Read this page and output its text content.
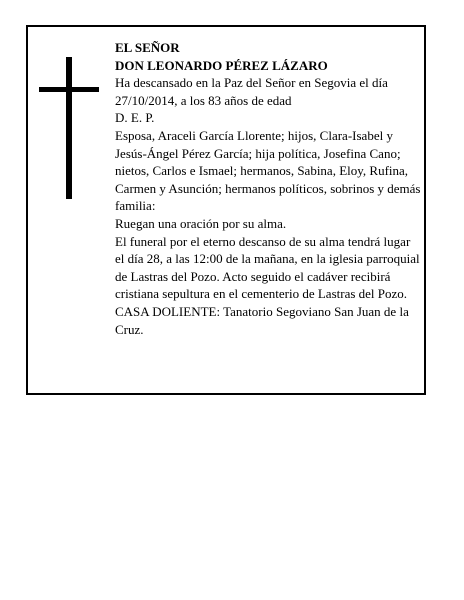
EL SEÑOR

DON LEONARDO PÉREZ LÁZARO

Ha descansado en la Paz del Señor en Segovia el día 27/10/2014, a los 83 años de edad

D. E. P.

Esposa, Araceli García Llorente; hijos, Clara-Isabel y Jesús-Ángel Pérez García; hija política, Josefina Cano; nietos, Carlos e Ismael; hermanos, Sabina, Eloy, Rufina, Carmen y Asunción; hermanos políticos, sobrinos y demás familia:

Ruegan una oración por su alma.

El funeral por el eterno descanso de su alma tendrá lugar el día 28, a las 12:00 de la mañana, en la iglesia parroquial de Lastras del Pozo. Acto seguido el cadáver recibirá cristiana sepultura en el cementerio de Lastras del Pozo.

CASA DOLIENTE: Tanatorio Segoviano San Juan de la Cruz.
